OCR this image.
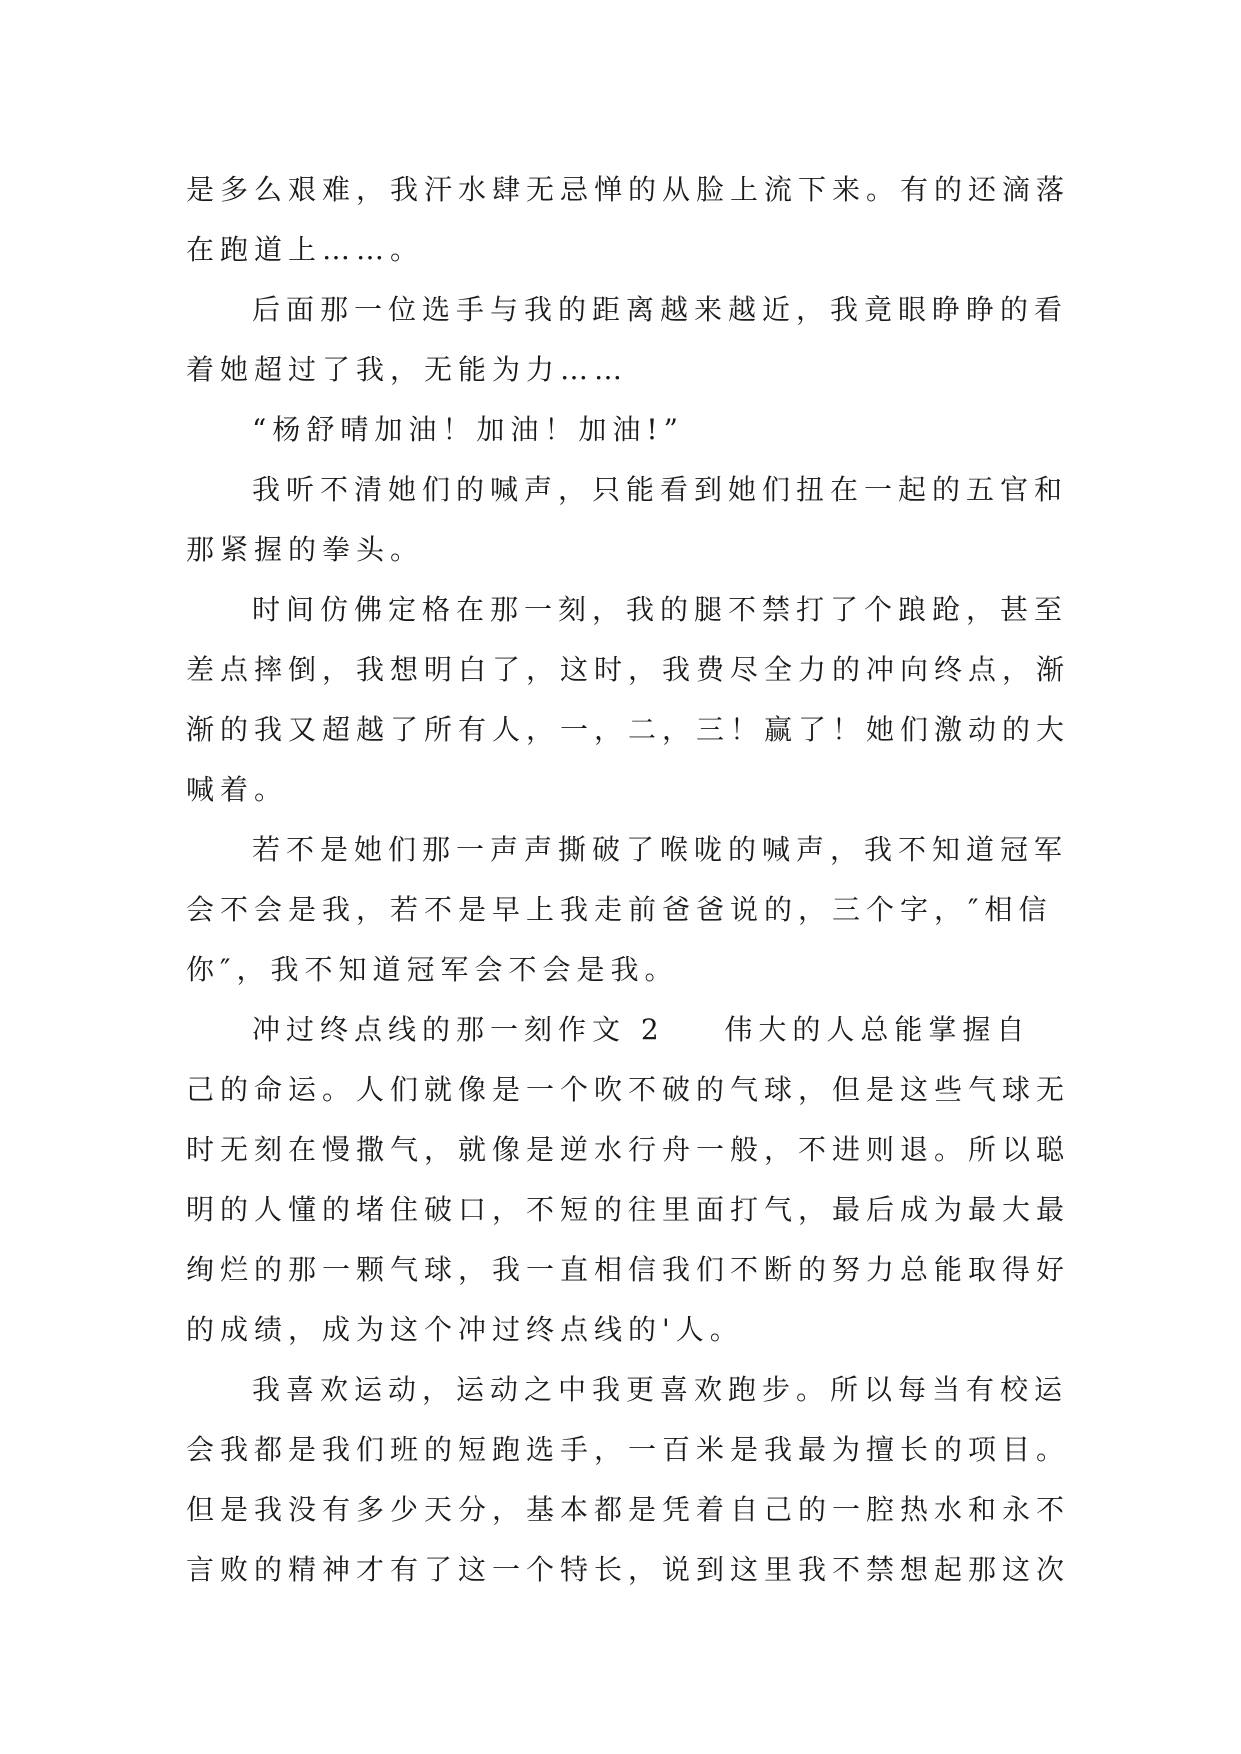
是多么艰难，我汗水肆无忌惮的从脸上流下来。有的还滴落
在跑道上……。

后面那一位选手与我的距离越来越近，我竟眼睁睁的看
着她超过了我，无能为力……

“杨舒晴加油！加油！加油!”

我听不清她们的喊声，只能看到她们扭在一起的五官和
那紧握的拳头。

时间仿佛定格在那一刻，我的腿不禁打了个踉跄，甚至
差点摔倒，我想明白了，这时，我费尽全力的冲向终点，渐
渐的我又超越了所有人，一，二，三！赢了！她们激动的大
喊着。

若不是她们那一声声撕破了喉咙的喊声，我不知道冠军
会不会是我，若不是早上我走前爸爸说的，三个字，″相信
你″，我不知道冠军会不会是我。

冲过终点线的那一刻作文 2    伟大的人总能掌握自
己的命运。人们就像是一个吹不破的气球，但是这些气球无
时无刻在慢撒气，就像是逆水行舟一般，不进则退。所以聪
明的人懂的堵住破口，不短的往里面打气，最后成为最大最
绚烂的那一颗气球，我一直相信我们不断的努力总能取得好
的成绩，成为这个冲过终点线的'人。

我喜欢运动，运动之中我更喜欢跑步。所以每当有校运
会我都是我们班的短跑选手，一百米是我最为擅长的项目。
但是我没有多少天分，基本都是凭着自己的一腔热水和永不
言败的精神才有了这一个特长，说到这里我不禁想起那这次
